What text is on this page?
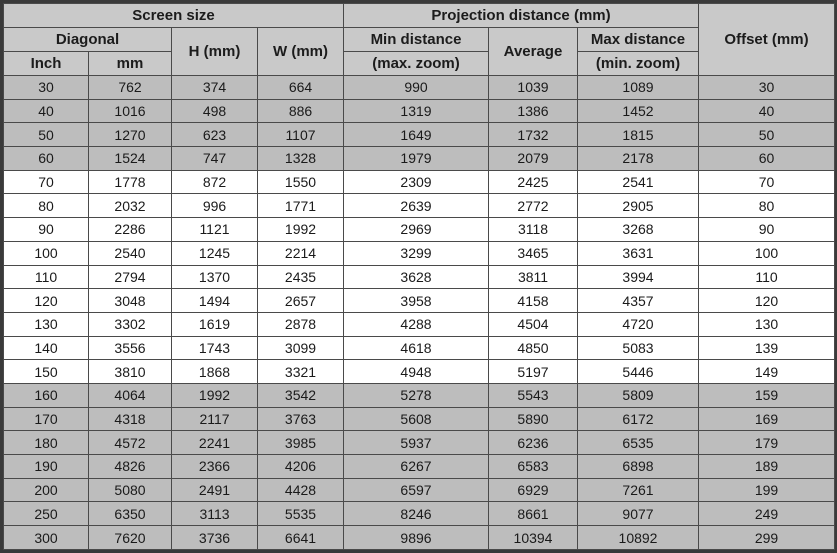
Screen size				Projection distance (mm)			Offset (mm)
Diagonal		H (mm)	W (mm)	Min distance	Average	Max distance	
Inch	mm			(max. zoom)		(min. zoom)	
30	762	374	664	990	1039	1089	30
40	1016	498	886	1319	1386	1452	40
50	1270	623	1107	1649	1732	1815	50
60	1524	747	1328	1979	2079	2178	60
70	1778	872	1550	2309	2425	2541	70
80	2032	996	1771	2639	2772	2905	80
90	2286	1121	1992	2969	3118	3268	90
100	2540	1245	2214	3299	3465	3631	100
110	2794	1370	2435	3628	3811	3994	110
120	3048	1494	2657	3958	4158	4357	120
130	3302	1619	2878	4288	4504	4720	130
140	3556	1743	3099	4618	4850	5083	139
150	3810	1868	3321	4948	5197	5446	149
160	4064	1992	3542	5278	5543	5809	159
170	4318	2117	3763	5608	5890	6172	169
180	4572	2241	3985	5937	6236	6535	179
190	4826	2366	4206	6267	6583	6898	189
200	5080	2491	4428	6597	6929	7261	199
250	6350	3113	5535	8246	8661	9077	249
300	7620	3736	6641	9896	10394	10892	299
